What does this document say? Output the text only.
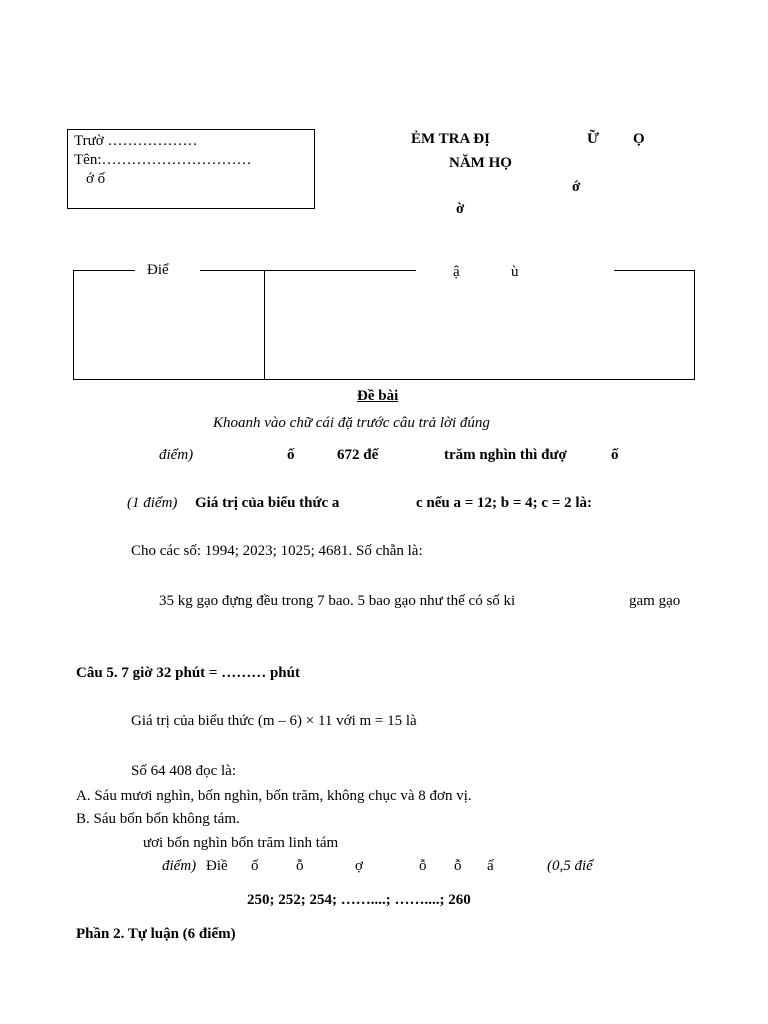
Trườ ………………
Tên:…………………………
ớ ố
ẺM TRA ĐỊ	Ữ Ọ
NĂM HỌ
ớ
ờ
Điể	ậ	ù
Đề bài
Khoanh vào chữ cái đặ trước câu trả lời đúng
điểm)	ố	672 đế	trăm nghìn thì đượ	ố
(1 điểm) Giá trị của biểu thức a	c nếu a = 12; b = 4; c = 2 là:
Cho các số: 1994; 2023; 1025; 4681. Số chẵn là:
35 kg gạo đựng đều trong 7 bao. 5 bao gạo như thế có số ki	gam gạo
Câu 5. 7 giờ 32 phút = ……… phút
Giá trị của biểu thức (m – 6) × 11 với m = 15 là
Số 64 408 đọc là:
A. Sáu mươi nghìn, bốn nghìn, bốn trăm, không chục và 8 đơn vị.
B. Sáu bốn bốn không tám.
ươi bốn nghìn bốn trăm linh tám
điểm) Điề ố	ỗ	ợ	ỗ ỗ ấ	(0,5 điể
250; 252; 254; ……....; ……....; 260
Phần 2. Tự luận (6 điểm)
